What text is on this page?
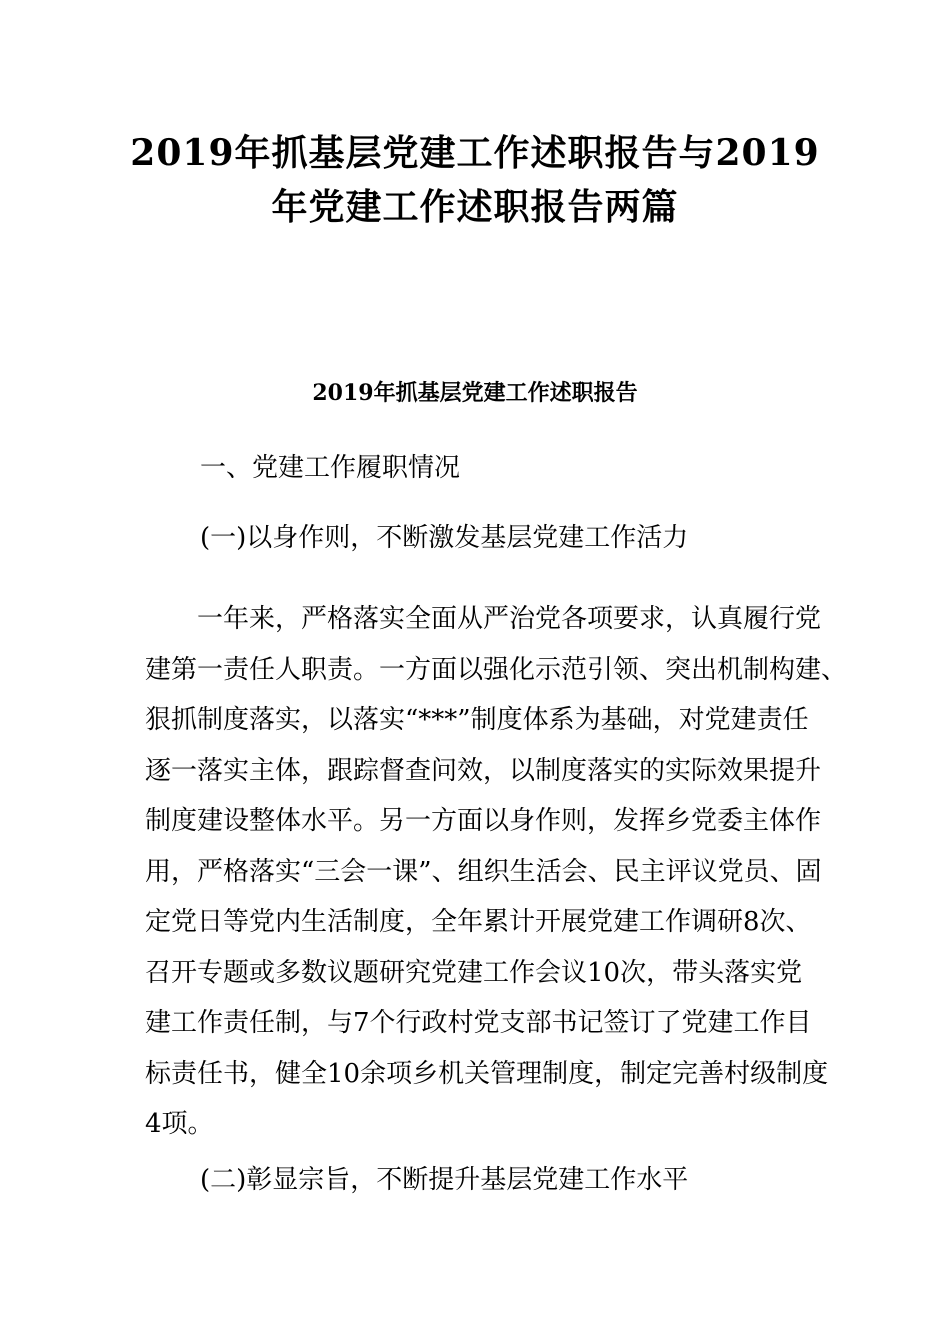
2019年抓基层党建工作述职报告与2019
年党建工作述职报告两篇
2019年抓基层党建工作述职报告
一、党建工作履职情况
(一)以身作则，不断激发基层党建工作活力
　　一年来，严格落实全面从严治党各项要求，认真履行党
建第一责任人职责。一方面以强化示范引领、突出机制构建、
狠抓制度落实，以落实“***”制度体系为基础，对党建责任
逐一落实主体，跟踪督查问效，以制度落实的实际效果提升
制度建设整体水平。另一方面以身作则，发挥乡党委主体作
用，严格落实“三会一课”、组织生活会、民主评议党员、固
定党日等党内生活制度，全年累计开展党建工作调研8次、
召开专题或多数议题研究党建工作会议10次，带头落实党
建工作责任制，与7个行政村党支部书记签订了党建工作目
标责任书，健全10余项乡机关管理制度，制定完善村级制度
4项。
(二)彰显宗旨，不断提升基层党建工作水平
